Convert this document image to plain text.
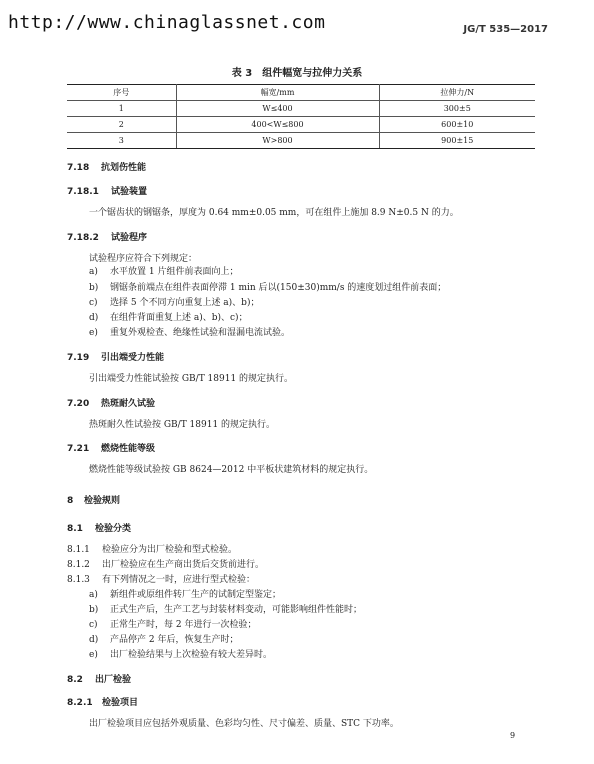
http://www.chinaglassnet.com	JG/T 535—2017
表 3　组件幅宽与拉伸力关系
序号	幅宽/mm	拉伸力/N
1	W≤400	300±5
2	400<W≤800	600±10
3	W>800	900±15
7.18 抗划伤性能
7.18.1 试验装置
一个锯齿状的钢锯条，厚度为 0.64 mm±0.05 mm，可在组件上施加 8.9 N±0.5 N 的力。
7.18.2 试验程序
试验程序应符合下列规定：
a) 水平放置 1 片组件前表面向上；
b) 钢锯条前端点在组件表面停滞 1 min 后以(150±30)mm/s 的速度划过组件前表面；
c) 选择 5 个不同方向重复上述 a)、b)；
d) 在组件背面重复上述 a)、b)、c)；
e) 重复外观检查、绝缘性试验和湿漏电流试验。
7.19 引出端受力性能
引出端受力性能试验按 GB/T 18911 的规定执行。
7.20 热斑耐久试验
热斑耐久性试验按 GB/T 18911 的规定执行。
7.21 燃烧性能等级
燃烧性能等级试验按 GB 8624—2012 中平板状建筑材料的规定执行。
8 检验规则
8.1 检验分类
8.1.1 检验应分为出厂检验和型式检验。
8.1.2 出厂检验应在生产商出货后交货前进行。
8.1.3 有下列情况之一时，应进行型式检验：
a) 新组件或原组件转厂生产的试制定型鉴定；
b) 正式生产后，生产工艺与封装材料变动，可能影响组件性能时；
c) 正常生产时，每 2 年进行一次检验；
d) 产品停产 2 年后，恢复生产时；
e) 出厂检验结果与上次检验有较大差异时。
8.2 出厂检验
8.2.1 检验项目
出厂检验项目应包括外观质量、色彩均匀性、尺寸偏差、质量、STC 下功率。
9
